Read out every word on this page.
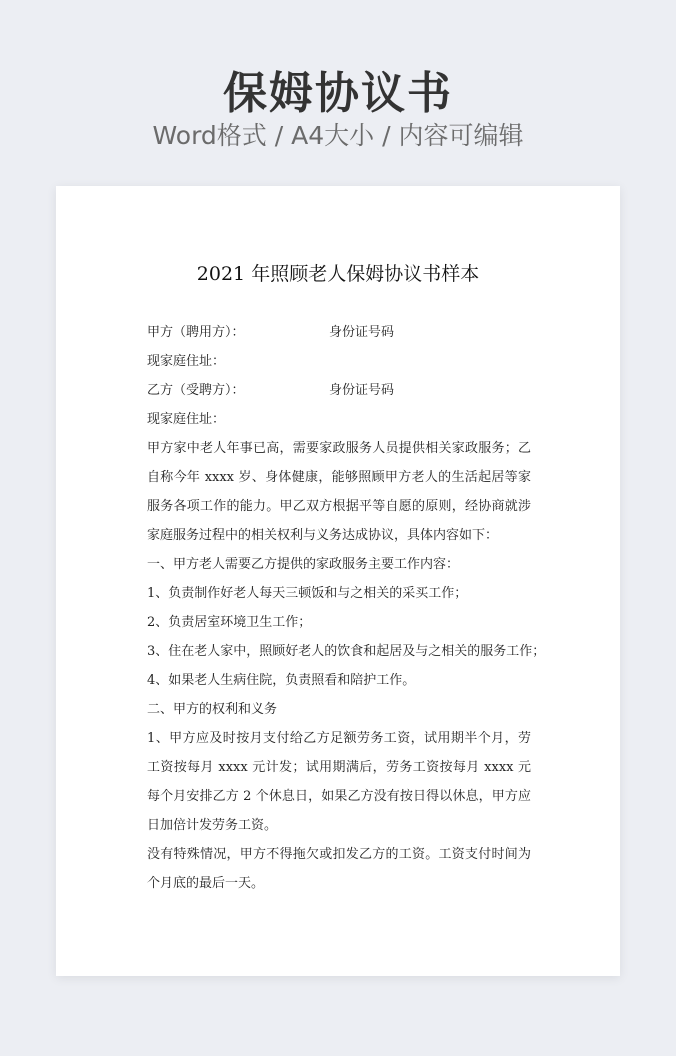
保姆协议书
Word格式 / A4大小 / 内容可编辑
2021 年照顾老人保姆协议书样本
甲方（聘用方）：	身份证号码
现家庭住址：
乙方（受聘方）：	身份证号码
现家庭住址：
甲方家中老人年事已高，需要家政服务人员提供相关家政服务；乙
自称今年 xxxx 岁、身体健康，能够照顾甲方老人的生活起居等家
服务各项工作的能力。甲乙双方根据平等自愿的原则，经协商就涉
家庭服务过程中的相关权利与义务达成协议，具体内容如下：
一、甲方老人需要乙方提供的家政服务主要工作内容：
1、负责制作好老人每天三顿饭和与之相关的采买工作；
2、负责居室环境卫生工作；
3、住在老人家中，照顾好老人的饮食和起居及与之相关的服务工作；
4、如果老人生病住院，负责照看和陪护工作。
二、甲方的权利和义务
1、甲方应及时按月支付给乙方足额劳务工资，试用期半个月，劳
工资按每月 xxxx 元计发；试用期满后，劳务工资按每月 xxxx 元
每个月安排乙方 2 个休息日，如果乙方没有按日得以休息，甲方应
日加倍计发劳务工资。
没有特殊情况，甲方不得拖欠或扣发乙方的工资。工资支付时间为
个月底的最后一天。
